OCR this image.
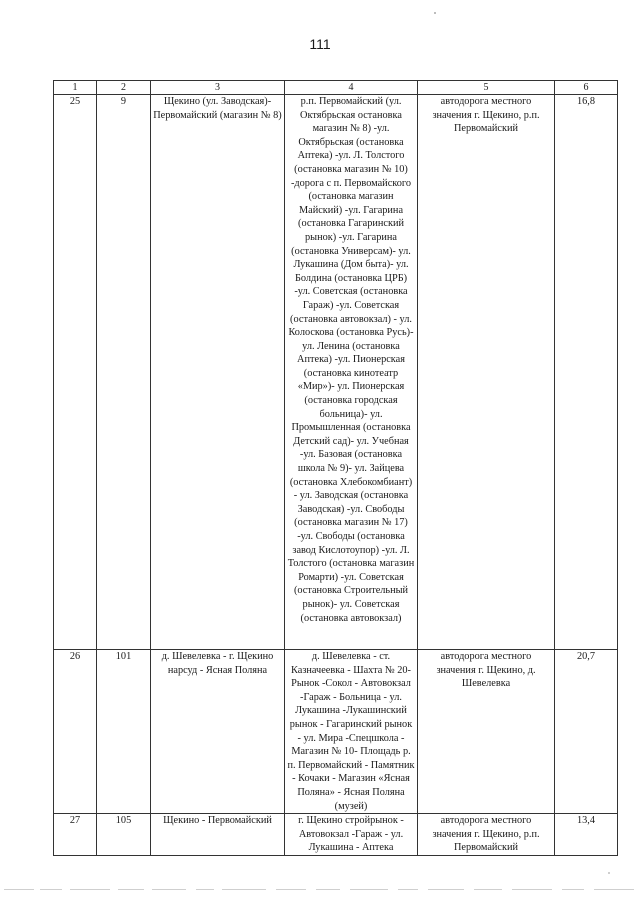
111
1	2	3	4	5	6
25	9	Щекино (ул. Заводская)- Первомайский (магазин № 8)	р.п. Первомайский (ул. Октябрьская остановка магазин № 8) -ул. Октябрьская (остановка Аптека) -ул. Л. Толстого (остановка магазин № 10) -дорога с п. Первомайского (остановка магазин Майский) -ул. Гагарина (остановка Гагаринский рынок) -ул. Гагарина (остановка Универсам)- ул. Лукашина (Дом быта)- ул. Болдина (остановка ЦРБ) -ул. Советская (остановка Гараж) -ул. Советская (остановка автовокзал) - ул. Колоскова (остановка Русь)- ул. Ленина (остановка Аптека) -ул. Пионерская (остановка кинотеатр «Мир»)- ул. Пионерская (остановка городская больница)- ул. Промышленная (остановка Детский сад)- ул. Учебная -ул. Базовая (остановка школа № 9)- ул. Зайцева (остановка Хлебокомбиант) - ул. Заводская (остановка Заводская) -ул. Свободы (остановка магазин № 17) -ул. Свободы (остановка завод Кислотоупор) -ул. Л. Толстого (остановка магазин Ромарти) -ул. Советская (остановка Строительный рынок)- ул. Советская (остановка автовокзал)	автодорога местного значения г. Щекино, р.п. Первомайский	16,8
26	101	д. Шевелевка - г. Щекино нарсуд - Ясная Поляна	д. Шевелевка - ст. Казначеевка - Шахта № 20- Рынок -Сокол - Автовокзал -Гараж - Больница - ул. Лукашина -Лукашинский рынок - Гагаринский рынок - ул. Мира -Спецшкола - Магазин № 10- Площадь р. п. Первомайский - Памятник - Кочаки - Магазин «Ясная Поляна» - Ясная Поляна (музей)	автодорога местного значения г. Щекино, д. Шевелевка	20,7
27	105	Щекино - Первомайский	г. Щекино стройрынок - Автовокзал -Гараж - ул. Лукашина - Аптека	автодорога местного значения г. Щекино, р.п. Первомайский	13,4
